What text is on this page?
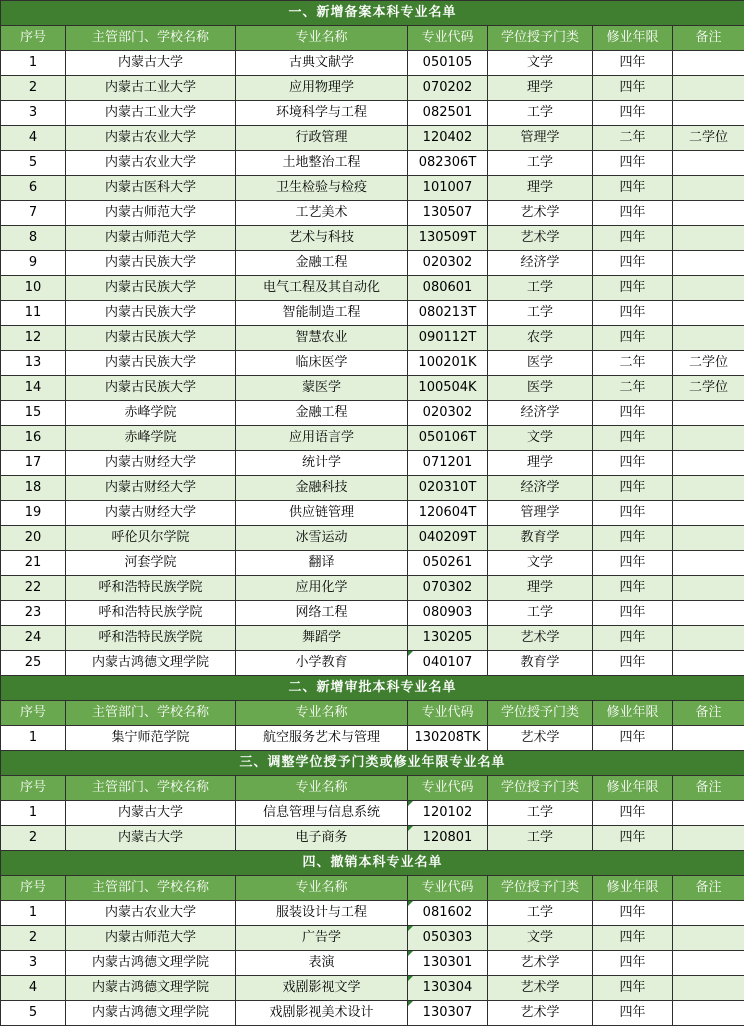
一、新增备案本科专业名单						
序号	主管部门、学校名称	专业名称	专业代码	学位授予门类	修业年限	备注
1	内蒙古大学	古典文献学	050105	文学	四年	
2	内蒙古工业大学	应用物理学	070202	理学	四年	
3	内蒙古工业大学	环境科学与工程	082501	工学	四年	
4	内蒙古农业大学	行政管理	120402	管理学	二年	二学位
5	内蒙古农业大学	土地整治工程	082306T	工学	四年	
6	内蒙古医科大学	卫生检验与检疫	101007	理学	四年	
7	内蒙古师范大学	工艺美术	130507	艺术学	四年	
8	内蒙古师范大学	艺术与科技	130509T	艺术学	四年	
9	内蒙古民族大学	金融工程	020302	经济学	四年	
10	内蒙古民族大学	电气工程及其自动化	080601	工学	四年	
11	内蒙古民族大学	智能制造工程	080213T	工学	四年	
12	内蒙古民族大学	智慧农业	090112T	农学	四年	
13	内蒙古民族大学	临床医学	100201K	医学	二年	二学位
14	内蒙古民族大学	蒙医学	100504K	医学	二年	二学位
15	赤峰学院	金融工程	020302	经济学	四年	
16	赤峰学院	应用语言学	050106T	文学	四年	
17	内蒙古财经大学	统计学	071201	理学	四年	
18	内蒙古财经大学	金融科技	020310T	经济学	四年	
19	内蒙古财经大学	供应链管理	120604T	管理学	四年	
20	呼伦贝尔学院	冰雪运动	040209T	教育学	四年	
21	河套学院	翻译	050261	文学	四年	
22	呼和浩特民族学院	应用化学	070302	理学	四年	
23	呼和浩特民族学院	网络工程	080903	工学	四年	
24	呼和浩特民族学院	舞蹈学	130205	艺术学	四年	
25	内蒙古鸿德文理学院	小学教育	040107	教育学	四年	
二、新增审批本科专业名单						
序号	主管部门、学校名称	专业名称	专业代码	学位授予门类	修业年限	备注
1	集宁师范学院	航空服务艺术与管理	130208TK	艺术学	四年	
三、调整学位授予门类或修业年限专业名单						
序号	主管部门、学校名称	专业名称	专业代码	学位授予门类	修业年限	备注
1	内蒙古大学	信息管理与信息系统	120102	工学	四年	
2	内蒙古大学	电子商务	120801	工学	四年	
四、撤销本科专业名单						
序号	主管部门、学校名称	专业名称	专业代码	学位授予门类	修业年限	备注
1	内蒙古农业大学	服装设计与工程	081602	工学	四年	
2	内蒙古师范大学	广告学	050303	文学	四年	
3	内蒙古鸿德文理学院	表演	130301	艺术学	四年	
4	内蒙古鸿德文理学院	戏剧影视文学	130304	艺术学	四年	
5	内蒙古鸿德文理学院	戏剧影视美术设计	130307	艺术学	四年	
